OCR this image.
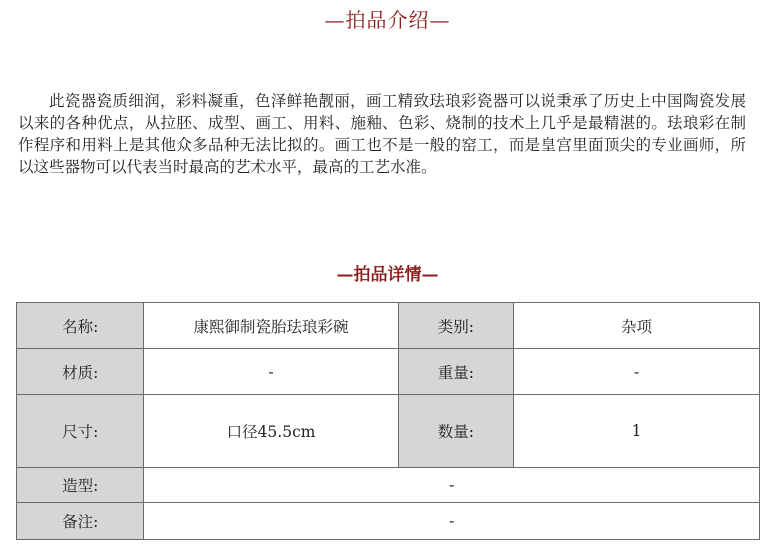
—拍品介绍—
此瓷器瓷质细润，彩料凝重，色泽鲜艳靓丽，画工精致珐琅彩瓷器可以说秉承了历史上中国陶瓷发展以来的各种优点，从拉胚、成型、画工、用料、施釉、色彩、烧制的技术上几乎是最精湛的。珐琅彩在制作程序和用料上是其他众多品种无法比拟的。画工也不是一般的窑工，而是皇宫里面顶尖的专业画师，所以这些器物可以代表当时最高的艺术水平，最高的工艺水准。
—拍品详情—
名称:	康熙御制瓷胎珐琅彩碗	类别:	杂项
材质:	-	重量:	-
尺寸:	口径45.5cm	数量:	1
造型:	-		
备注:	-		
